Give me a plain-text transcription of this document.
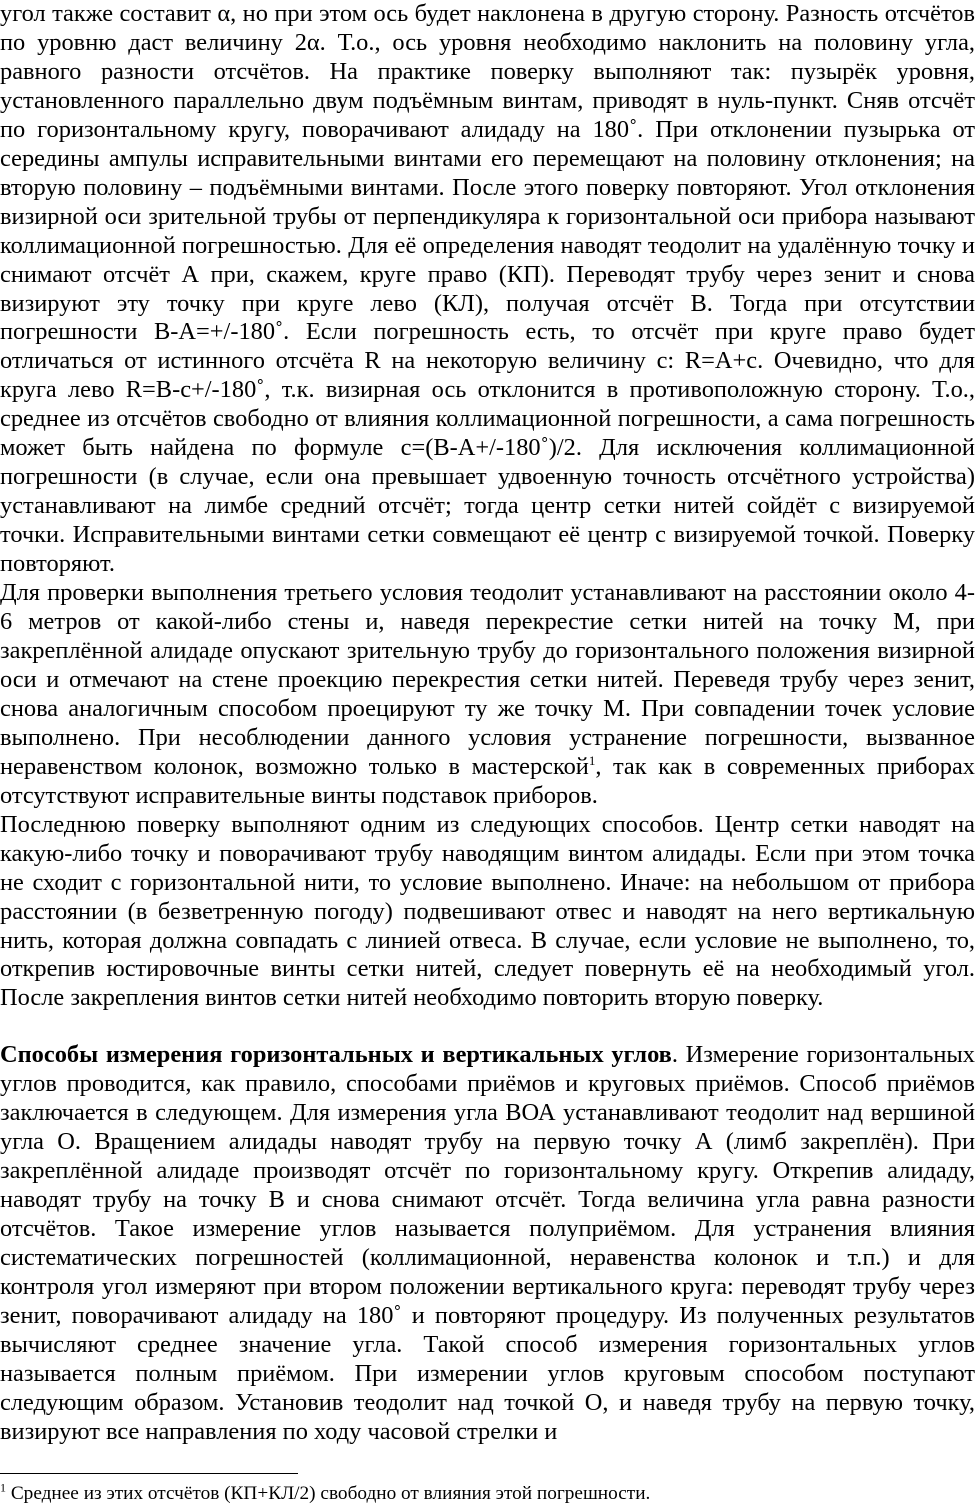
угол также составит α, но при этом ось будет наклонена в другую сторону. Разность отсчётов по уровню даст величину 2α. Т.о., ось уровня необходимо наклонить на половину угла, равного разности отсчётов. На практике поверку выполняют так: пузырёк уровня, установленного параллельно двум подъёмным винтам, приводят в нуль-пункт. Сняв отсчёт по горизонтальному кругу, поворачивают алидаду на 180˚. При отклонении пузырька от середины ампулы исправительными винтами его перемещают на половину отклонения; на вторую половину – подъёмными винтами. После этого поверку повторяют. Угол отклонения визирной оси зрительной трубы от перпендикуляра к горизонтальной оси прибора называют коллимационной погрешностью. Для её определения наводят теодолит на удалённую точку и снимают отсчёт А при, скажем, круге право (КП). Переводят трубу через зенит и снова визируют эту точку при круге лево (КЛ), получая отсчёт В. Тогда при отсутствии погрешности В-А=+/-180˚. Если погрешность есть, то отсчёт при круге право будет отличаться от истинного отсчёта R на некоторую величину с: R=А+с. Очевидно, что для круга лево R=В-с+/-180˚, т.к. визирная ось отклонится в противоположную сторону. Т.о., среднее из отсчётов свободно от влияния коллимационной погрешности, а сама погрешность может быть найдена по формуле с=(В-А+/-180˚)/2. Для исключения коллимационной погрешности (в случае, если она превышает удвоенную точность отсчётного устройства) устанавливают на лимбе средний отсчёт; тогда центр сетки нитей сойдёт с визируемой точки. Исправительными винтами сетки совмещают её центр с визируемой точкой. Поверку повторяют.

Для проверки выполнения третьего условия теодолит устанавливают на расстоянии около 4-6 метров от какой-либо стены и, наведя перекрестие сетки нитей на точку М, при закреплённой алидаде опускают зрительную трубу до горизонтального положения визирной оси и отмечают на стене проекцию перекрестия сетки нитей. Переведя трубу через зенит, снова аналогичным способом проецируют ту же точку М. При совпадении точек условие выполнено. При несоблюдении данного условия устранение погрешности, вызванное неравенством колонок, возможно только в мастерской$^1$, так как в современных приборах отсутствуют исправительные винты подставок приборов.

Последнюю поверку выполняют одним из следующих способов. Центр сетки наводят на какую-либо точку и поворачивают трубу наводящим винтом алидады. Если при этом точка не сходит с горизонтальной нити, то условие выполнено. Иначе: на небольшом от прибора расстоянии (в безветренную погоду) подвешивают отвес и наводят на него вертикальную нить, которая должна совпадать с линией отвеса. В случае, если условие не выполнено, то, открепив юстировочные винты сетки нитей, следует повернуть её на необходимый угол. После закрепления винтов сетки нитей необходимо повторить вторую поверку.

Способы измерения горизонтальных и вертикальных углов. Измерение горизонтальных углов проводится, как правило, способами приёмов и круговых приёмов. Способ приёмов заключается в следующем. Для измерения угла ВОА устанавливают теодолит над вершиной угла О. Вращением алидады наводят трубу на первую точку А (лимб закреплён). При закреплённой алидаде производят отсчёт по горизонтальному кругу. Открепив алидаду, наводят трубу на точку В и снова снимают отсчёт. Тогда величина угла равна разности отсчётов. Такое измерение углов называется полуприёмом. Для устранения влияния систематических погрешностей (коллимационной, неравенства колонок и т.п.) и для контроля угол измеряют при втором положении вертикального круга: переводят трубу через зенит, поворачивают алидаду на 180˚ и повторяют процедуру. Из полученных результатов вычисляют среднее значение угла. Такой способ измерения горизонтальных углов называется полным приёмом. При измерении углов круговым способом поступают следующим образом. Установив теодолит над точкой О, и наведя трубу на первую точку, визируют все направления по ходу часовой стрелки и

$^1$ Среднее из этих отсчётов (КП+КЛ/2) свободно от влияния этой погрешности.
